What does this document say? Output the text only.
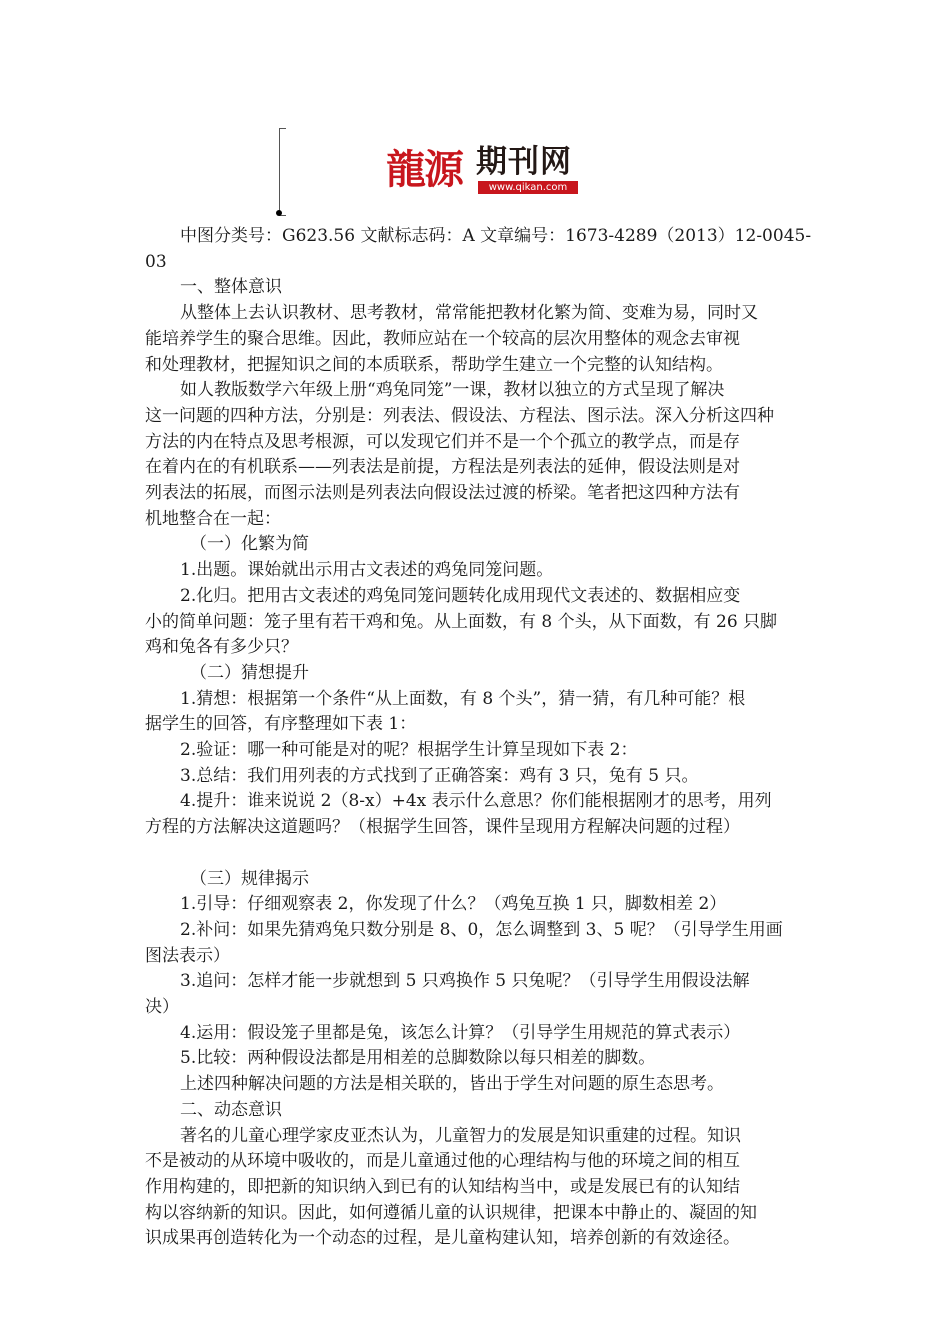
龍源 期刊网
www.qikan.com
中图分类号：G623.56 文献标志码：A 文章编号：1673-4289（2013）12-0045-
03
一、整体意识
从整体上去认识教材、思考教材，常常能把教材化繁为简、变难为易，同时又
能培养学生的聚合思维。因此，教师应站在一个较高的层次用整体的观念去审视
和处理教材，把握知识之间的本质联系，帮助学生建立一个完整的认知结构。
如人教版数学六年级上册“鸡兔同笼”一课，教材以独立的方式呈现了解决
这一问题的四种方法，分别是：列表法、假设法、方程法、图示法。深入分析这四种
方法的内在特点及思考根源，可以发现它们并不是一个个孤立的教学点，而是存
在着内在的有机联系——列表法是前提，方程法是列表法的延伸，假设法则是对
列表法的拓展，而图示法则是列表法向假设法过渡的桥梁。笔者把这四种方法有
机地整合在一起：
（一）化繁为简
1.出题。课始就出示用古文表述的鸡兔同笼问题。
2.化归。把用古文表述的鸡兔同笼问题转化成用现代文表述的、数据相应变
小的简单问题：笼子里有若干鸡和兔。从上面数，有 8 个头，从下面数，有 26 只脚
鸡和兔各有多少只？
（二）猜想提升
1.猜想：根据第一个条件“从上面数，有 8 个头”，猜一猜，有几种可能？根
据学生的回答，有序整理如下表 1：
2.验证：哪一种可能是对的呢？根据学生计算呈现如下表 2：
3.总结：我们用列表的方式找到了正确答案：鸡有 3 只，兔有 5 只。
4.提升：谁来说说 2（8-x）+4x 表示什么意思？你们能根据刚才的思考，用列
方程的方法解决这道题吗？（根据学生回答，课件呈现用方程解决问题的过程）
（三）规律揭示
1.引导：仔细观察表 2，你发现了什么？（鸡兔互换 1 只，脚数相差 2）
2.补问：如果先猜鸡兔只数分别是 8、0，怎么调整到 3、5 呢？（引导学生用画
图法表示）
3.追问：怎样才能一步就想到 5 只鸡换作 5 只兔呢？（引导学生用假设法解
决）
4.运用：假设笼子里都是兔，该怎么计算？（引导学生用规范的算式表示）
5.比较：两种假设法都是用相差的总脚数除以每只相差的脚数。
上述四种解决问题的方法是相关联的，皆出于学生对问题的原生态思考。
二、动态意识
著名的儿童心理学家皮亚杰认为，儿童智力的发展是知识重建的过程。知识
不是被动的从环境中吸收的，而是儿童通过他的心理结构与他的环境之间的相互
作用构建的，即把新的知识纳入到已有的认知结构当中，或是发展已有的认知结
构以容纳新的知识。因此，如何遵循儿童的认识规律，把课本中静止的、凝固的知
识成果再创造转化为一个动态的过程，是儿童构建认知，培养创新的有效途径。
